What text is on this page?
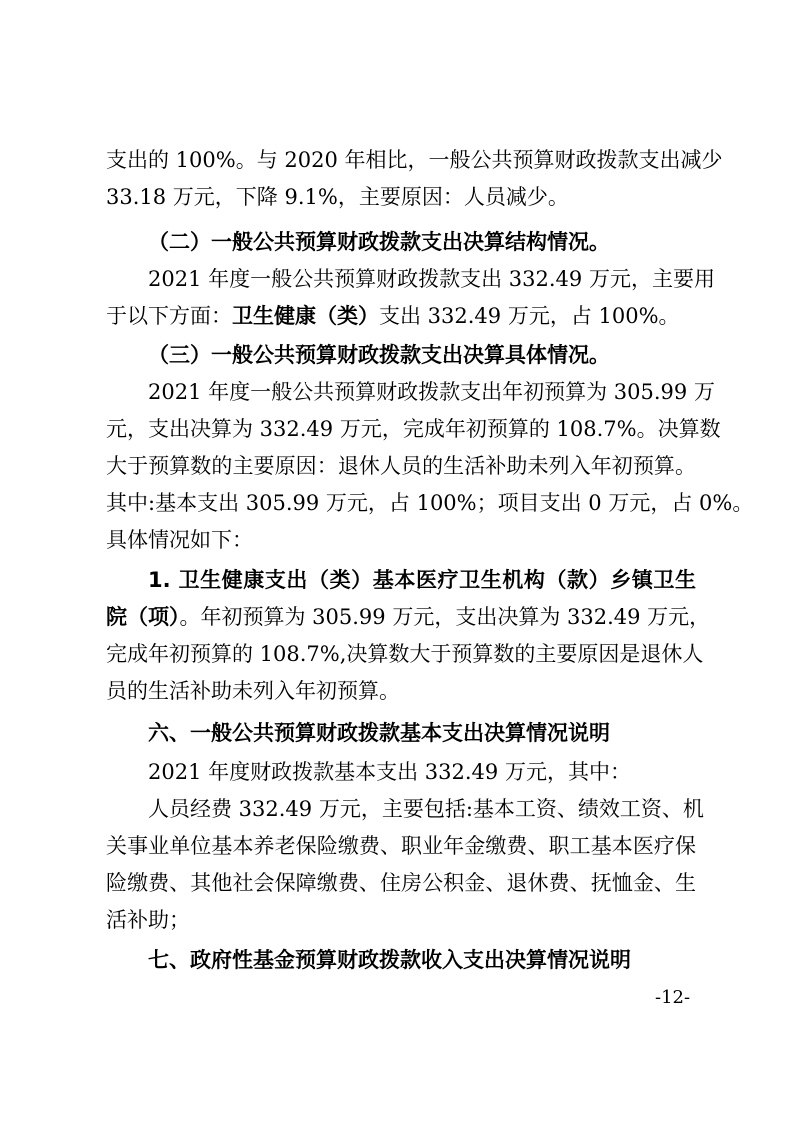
支出的 100%。与 2020 年相比，一般公共预算财政拨款支出减少
33.18 万元，下降 9.1%，主要原因：人员减少。
（二）一般公共预算财政拨款支出决算结构情况。
2021 年度一般公共预算财政拨款支出 332.49 万元，主要用
于以下方面：卫生健康（类）支出 332.49 万元，占 100%。
（三）一般公共预算财政拨款支出决算具体情况。
2021 年度一般公共预算财政拨款支出年初预算为 305.99 万
元，支出决算为 332.49 万元，完成年初预算的 108.7%。决算数
大于预算数的主要原因：退休人员的生活补助未列入年初预算。
其中:基本支出 305.99 万元，占 100%；项目支出 0 万元，占 0%。
具体情况如下：
1. 卫生健康支出（类）基本医疗卫生机构（款）乡镇卫生
院（项）。年初预算为 305.99 万元，支出决算为 332.49 万元，
完成年初预算的 108.7%,决算数大于预算数的主要原因是退休人
员的生活补助未列入年初预算。
六、一般公共预算财政拨款基本支出决算情况说明
2021 年度财政拨款基本支出 332.49 万元，其中：
人员经费 332.49 万元，主要包括:基本工资、绩效工资、机
关事业单位基本养老保险缴费、职业年金缴费、职工基本医疗保
险缴费、其他社会保障缴费、住房公积金、退休费、抚恤金、生
活补助；
七、政府性基金预算财政拨款收入支出决算情况说明
-12-
